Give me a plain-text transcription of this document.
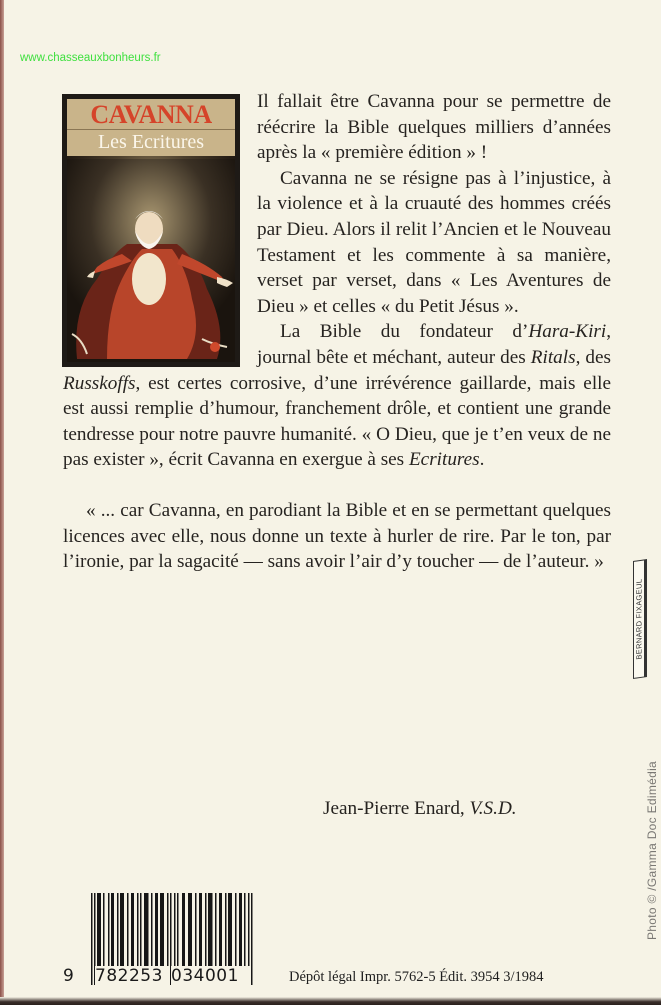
www.chasseauxbonheurs.fr
CAVANNA
Les Ecritures

Il fallait être Cavanna pour se permettre de réécrire la Bible quelques milliers d’années après la « première édition » !

Cavanna ne se résigne pas à l’injustice, à la violence et à la cruauté des hommes créés par Dieu. Alors il relit l’Ancien et le Nouveau Testament et les commente à sa manière, verset par verset, dans « Les Aventures de Dieu » et celles « du Petit Jésus ».

La Bible du fondateur d’Hara-Kiri, journal bête et méchant, auteur des Ritals, des Russkoffs, est certes corrosive, d’une irrévérence gaillarde, mais elle est aussi remplie d’humour, franchement drôle, et contient une grande tendresse pour notre pauvre humanité. « O Dieu, que je t’en veux de ne pas exister », écrit Cavanna en exergue à ses Ecritures.

« ... car Cavanna, en parodiant la Bible et en se permettant quelques licences avec elle, nous donne un texte à hurler de rire. Par le ton, par l’ironie, par la sagacité — sans avoir l’air d’y toucher — de l’auteur. »

Jean-Pierre Enard, V.S.D.
9 782253 034001	Dépôt légal Impr. 5762-5 Édit. 3954 3/1984
BERNARD FIXAGEUL
Photo © /Gamma Doc Edimédia
